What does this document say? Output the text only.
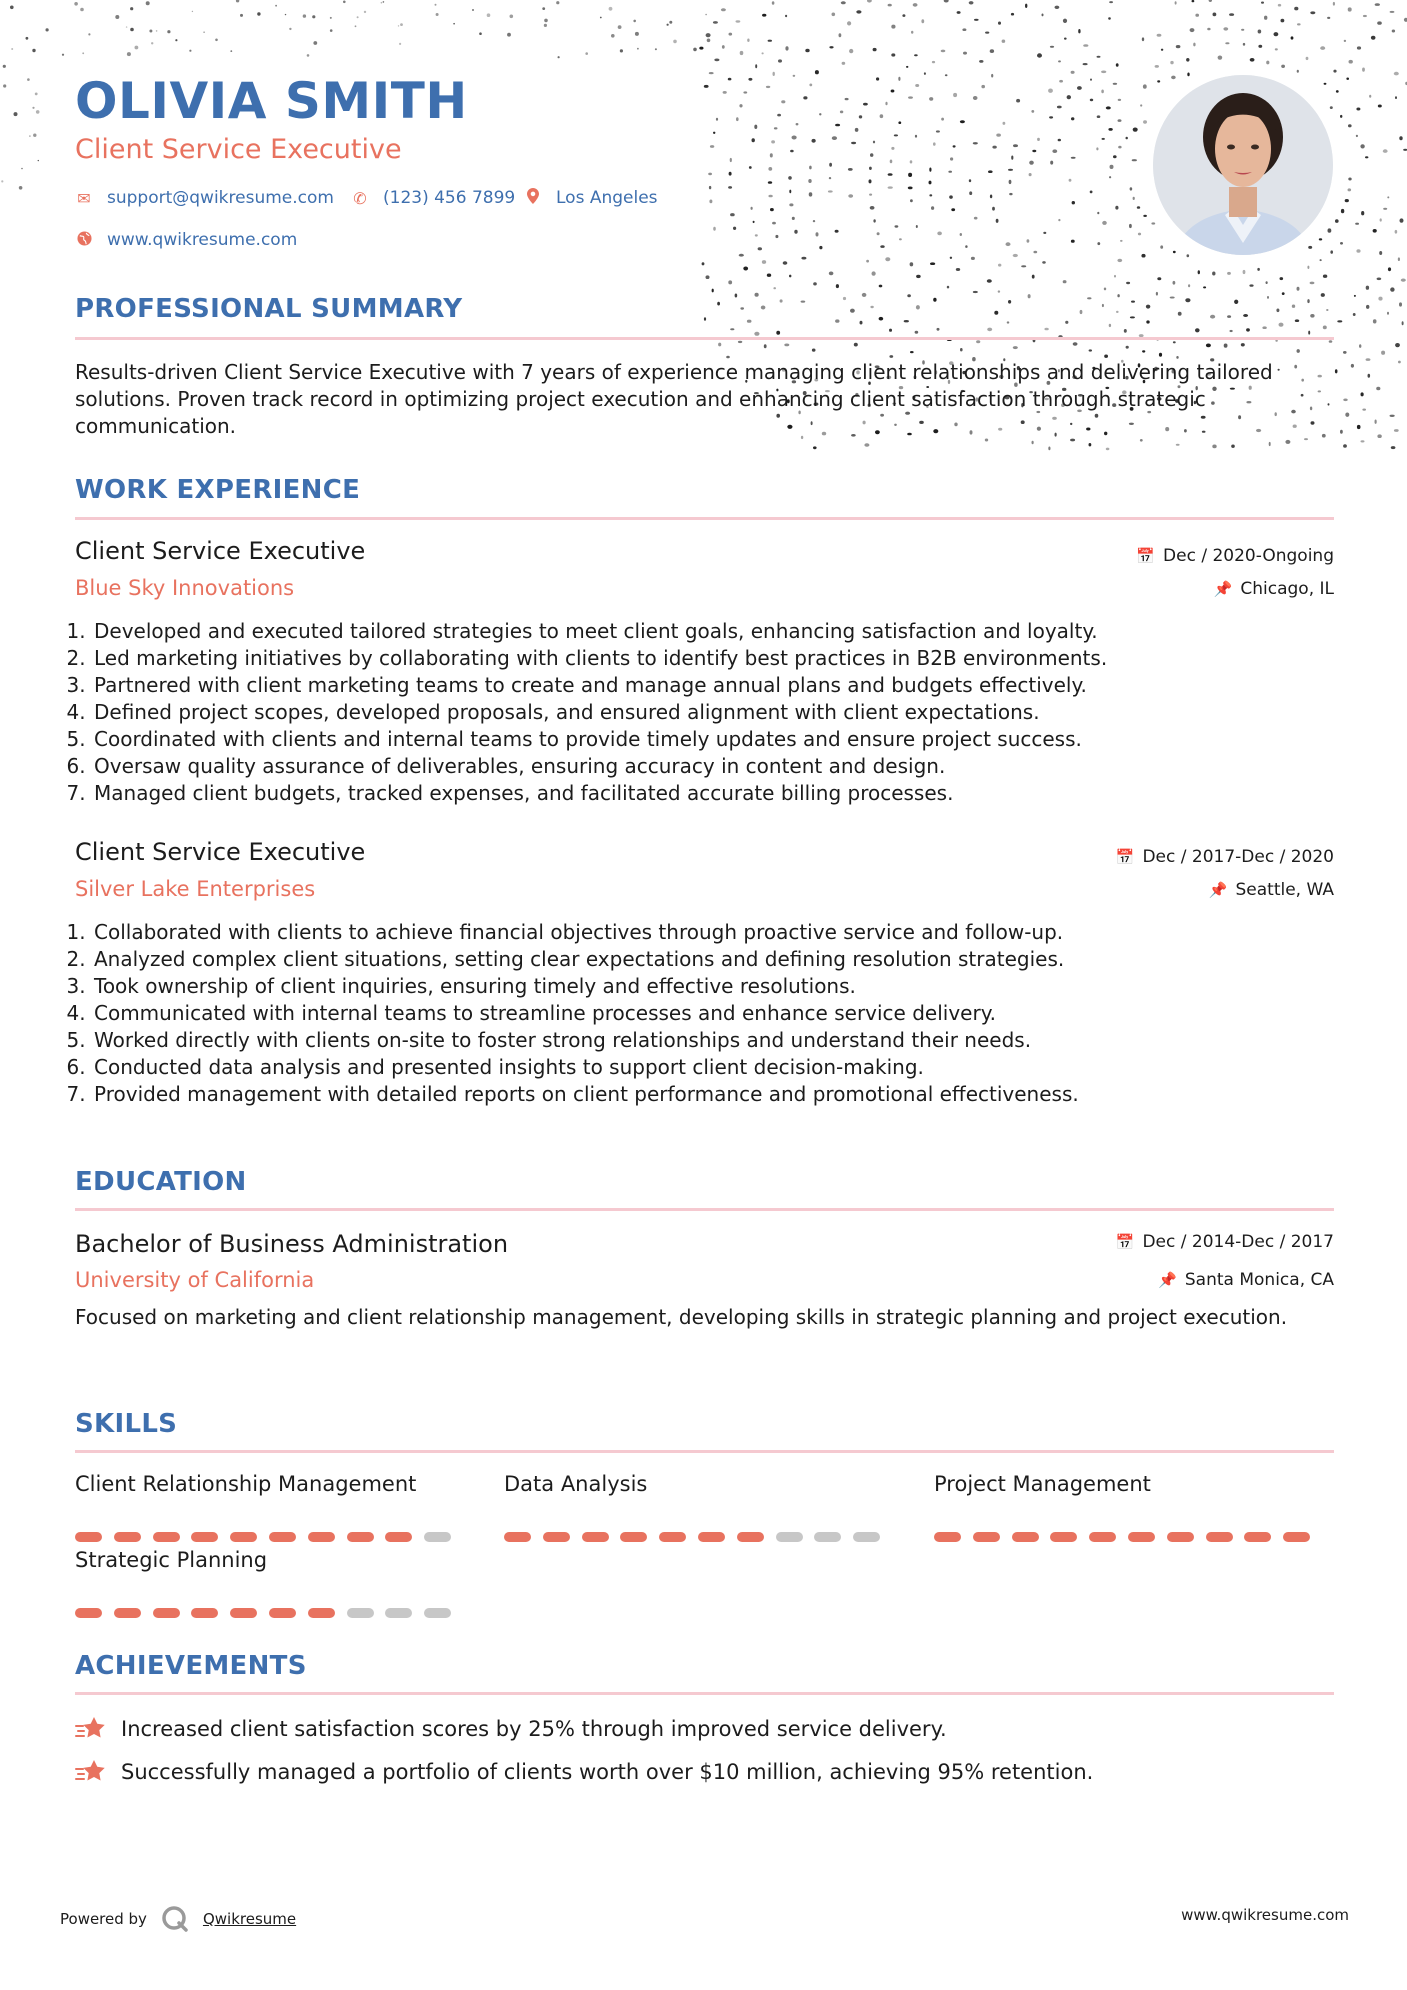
OLIVIA SMITH
Client Service Executive
✉ support@qwikresume.com ✆ (123) 456 7899 Los Angeles
www.qwikresume.com
PROFESSIONAL SUMMARY
Results-driven Client Service Executive with 7 years of experience managing client relationships and delivering tailored solutions. Proven track record in optimizing project execution and enhancing client satisfaction through strategic communication.
WORK EXPERIENCE
Client Service Executive	📅 Dec / 2020-Ongoing
Blue Sky Innovations	📌 Chicago, IL
1. Developed and executed tailored strategies to meet client goals, enhancing satisfaction and loyalty.
2. Led marketing initiatives by collaborating with clients to identify best practices in B2B environments.
3. Partnered with client marketing teams to create and manage annual plans and budgets effectively.
4. Defined project scopes, developed proposals, and ensured alignment with client expectations.
5. Coordinated with clients and internal teams to provide timely updates and ensure project success.
6. Oversaw quality assurance of deliverables, ensuring accuracy in content and design.
7. Managed client budgets, tracked expenses, and facilitated accurate billing processes.
Client Service Executive	📅 Dec / 2017-Dec / 2020
Silver Lake Enterprises	📌 Seattle, WA
1. Collaborated with clients to achieve financial objectives through proactive service and follow-up.
2. Analyzed complex client situations, setting clear expectations and defining resolution strategies.
3. Took ownership of client inquiries, ensuring timely and effective resolutions.
4. Communicated with internal teams to streamline processes and enhance service delivery.
5. Worked directly with clients on-site to foster strong relationships and understand their needs.
6. Conducted data analysis and presented insights to support client decision-making.
7. Provided management with detailed reports on client performance and promotional effectiveness.
EDUCATION
Bachelor of Business Administration	📅 Dec / 2014-Dec / 2017
University of California	📌 Santa Monica, CA
Focused on marketing and client relationship management, developing skills in strategic planning and project execution.
SKILLS
Client Relationship Management	Data Analysis	Project Management
Strategic Planning
ACHIEVEMENTS
Increased client satisfaction scores by 25% through improved service delivery.
Successfully managed a portfolio of clients worth over $10 million, achieving 95% retention.
Powered by	Qwikresume	www.qwikresume.com
